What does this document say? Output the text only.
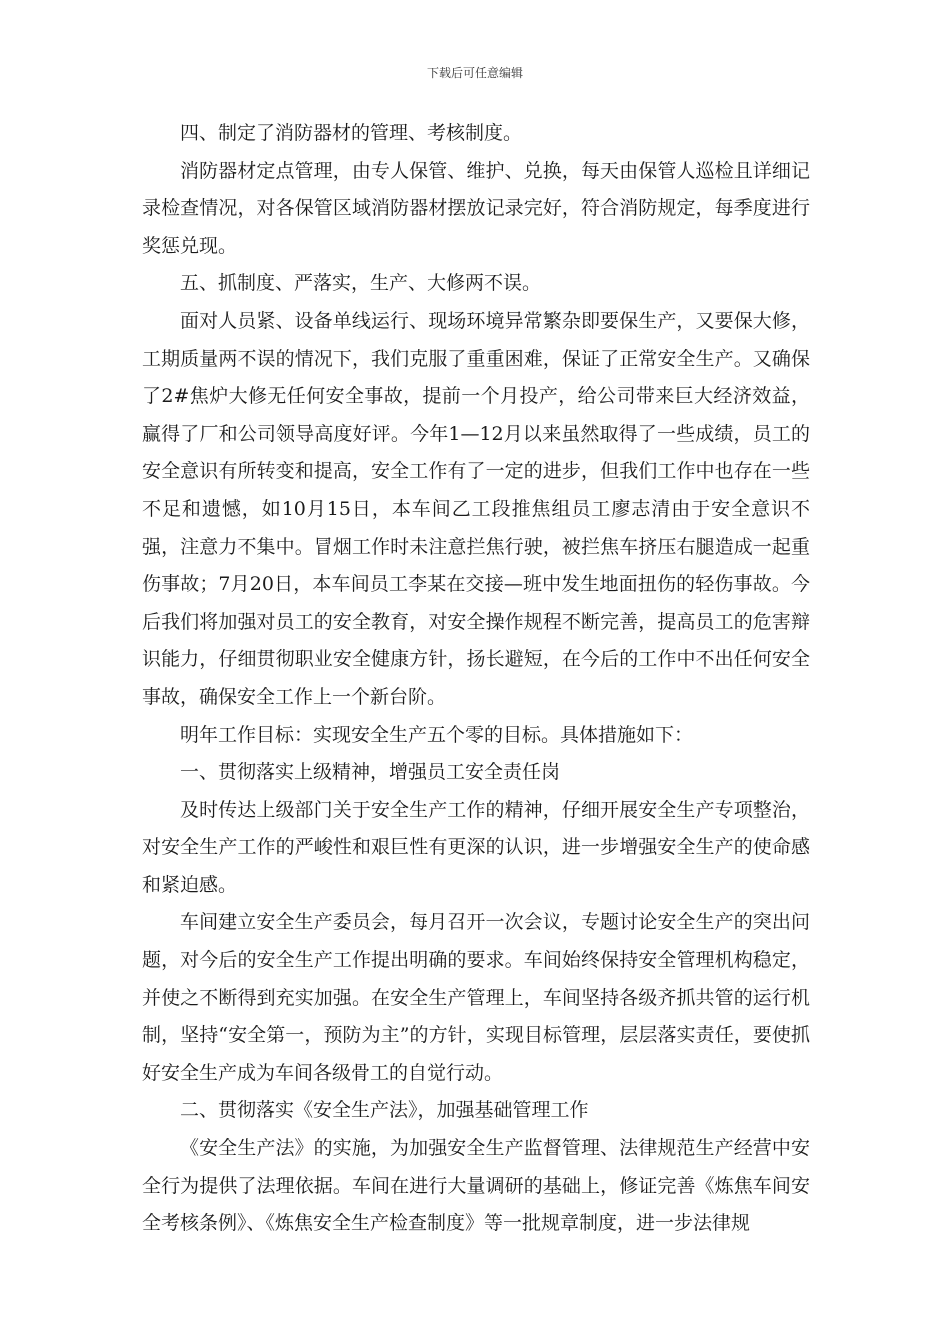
下载后可任意编辑

四、制定了消防器材的管理、考核制度。

消防器材定点管理，由专人保管、维护、兑换，每天由保管人巡检且详细记录检查情况，对各保管区域消防器材摆放记录完好，符合消防规定，每季度进行奖惩兑现。

五、抓制度、严落实，生产、大修两不误。

面对人员紧、设备单线运行、现场环境异常繁杂即要保生产，又要保大修，工期质量两不误的情况下，我们克服了重重困难，保证了正常安全生产。又确保了2#焦炉大修无任何安全事故，提前一个月投产，给公司带来巨大经济效益，赢得了厂和公司领导高度好评。今年1—12月以来虽然取得了一些成绩，员工的安全意识有所转变和提高，安全工作有了一定的进步，但我们工作中也存在一些不足和遗憾，如10月15日，本车间乙工段推焦组员工廖志清由于安全意识不强，注意力不集中。冒烟工作时未注意拦焦行驶，被拦焦车挤压右腿造成一起重伤事故；7月20日，本车间员工李某在交接—班中发生地面扭伤的轻伤事故。今后我们将加强对员工的安全教育，对安全操作规程不断完善，提高员工的危害辩识能力，仔细贯彻职业安全健康方针，扬长避短，在今后的工作中不出任何安全事故，确保安全工作上一个新台阶。

明年工作目标：实现安全生产五个零的目标。具体措施如下：

一、贯彻落实上级精神，增强员工安全责任岗

及时传达上级部门关于安全生产工作的精神，仔细开展安全生产专项整治，对安全生产工作的严峻性和艰巨性有更深的认识，进一步增强安全生产的使命感和紧迫感。

车间建立安全生产委员会，每月召开一次会议，专题讨论安全生产的突出问题，对今后的安全生产工作提出明确的要求。车间始终保持安全管理机构稳定，并使之不断得到充实加强。在安全生产管理上，车间坚持各级齐抓共管的运行机制，坚持“安全第一，预防为主”的方针，实现目标管理，层层落实责任，要使抓好安全生产成为车间各级骨工的自觉行动。

二、贯彻落实《安全生产法》，加强基础管理工作

《安全生产法》的实施，为加强安全生产监督管理、法律规范生产经营中安全行为提供了法理依据。车间在进行大量调研的基础上，修证完善《炼焦车间安全考核条例》、《炼焦安全生产检查制度》等一批规章制度，进一步法律规
